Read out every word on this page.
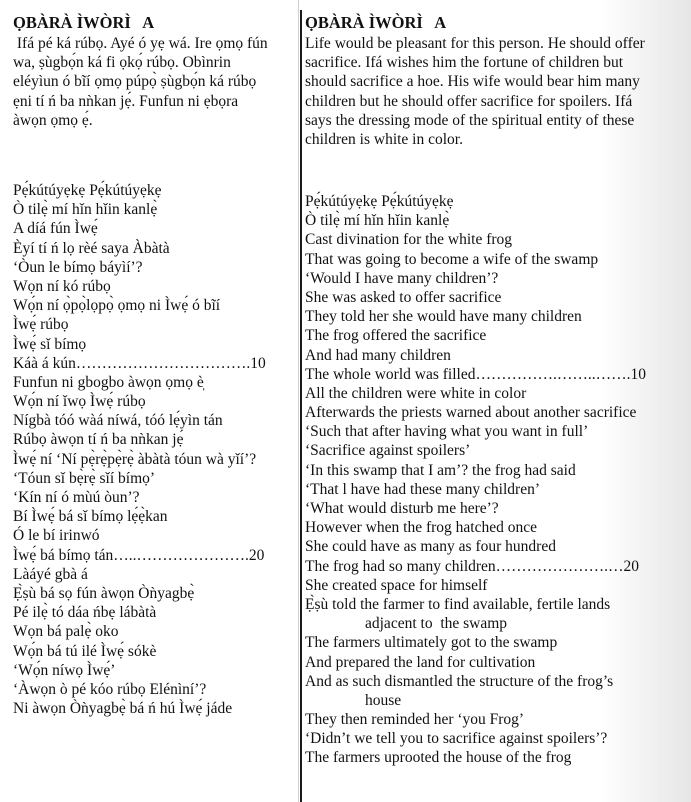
ỌBÀRÀ ÌWÒRÌ   A
Ifá pé ká rúbọ. Ayé ó yẹ wá. Ire ọmọ fún
wa, ṣùgbọ́n ká fi ọkọ́ rúbọ. Obìnrin
eléyìun ó bĩí ọmọ púpọ̀ ṣùgbọ́n ká rúbọ
ẹni tí ń ba nǹkan jẹ́. Funfun ni ẹbọra
àwọn ọmọ ẹ́.
Pẹ́kútúyẹkẹ Pẹ́kútúyẹkẹ
Ò tilẹ̀ mí hǐn hǐin kanlẹ̀
A díá fún Ìwẹ́
Èyí tí ń lọ rèé saya Àbàtà
‘Òun le bímọ báyìí’?
Wọn ní kó rúbọ
Wọ́n ní ọ̀pọ̀lọpọ̀ ọmọ ni Ìwẹ́ ó bĩí
Ìwẹ́ rúbọ
Ìwẹ́ sǐ bímọ
Káà á kún…………………………….10
Funfun ni gbogbo àwọn ọmọ è̩
Wọ́n ní ǐwọ Ìwẹ́ rúbọ
Nígbà tóó wàá níwá, tóó lẹ́yìn tán
Rúbọ àwọn tí ń ba nǹkan jẹ́
Ìwẹ́ ní ‘Ní pẹ̀rẹ̀pẹ̀rẹ̀ àbàtà tóun wà yǐí’?
‘Tóun sǐ bẹ̀rẹ̀ sǐí bímọ’
‘Kín ní ó mùú òun’?
Bí Ìwẹ́ bá sǐ bímọ lẹ́ẹ̀kan
Ó le bí irinwó
Ìwẹ́ bá bímọ tán…..………………….20
Làáyé gbà á
Ẹ̀ṣù bá sọ fún àwọn Òǹyagbẹ̀
Pé ilẹ̀ tó dáa ńbẹ lábàtà
Wọn bá palẹ̀ oko
Wọ́n bá tú ilé Ìwẹ́ sókè
‘Wọ́n níwọ Ìwẹ́’
‘Àwọn ò pé kóo rúbọ Elénìní’?
Ni àwọn Òǹyagbẹ̀ bá ń hú Ìwẹ́ jáde
ỌBÀRÀ ÌWÒRÌ   A
Life would be pleasant for this person. He should offer
sacrifice. Ifá wishes him the fortune of children but
should sacrifice a hoe. His wife would bear him many
children but he should offer sacrifice for spoilers. Ifá
says the dressing mode of the spiritual entity of these
children is white in color.
Pẹ́kútúyẹkẹ Pẹ́kútúyẹkẹ
Ò tilẹ̀ mí hǐn hǐin kanlẹ̀
Cast divination for the white frog
That was going to become a wife of the swamp
‘Would I have many children’?
She was asked to offer sacrifice
They told her she would have many children
The frog offered the sacrifice
And had many children
The whole world was filled…………….……..…….10
All the children were white in color
Afterwards the priests warned about another sacrifice
‘Such that after having what you want in full’
‘Sacrifice against spoilers’
‘In this swamp that I am’? the frog had said
‘That l have had these many children’
‘What would disturb me here’?
However when the frog hatched once
She could have as many as four hundred
The frog had so many children………………….…20
She created space for himself
Ẹ̀ṣù told the farmer to find available, fertile lands
adjacent to  the swamp
The farmers ultimately got to the swamp
And prepared the land for cultivation
And as such dismantled the structure of the frog’s
house
They then reminded her ‘you Frog’
‘Didn’t we tell you to sacrifice against spoilers’?
The farmers uprooted the house of the frog
